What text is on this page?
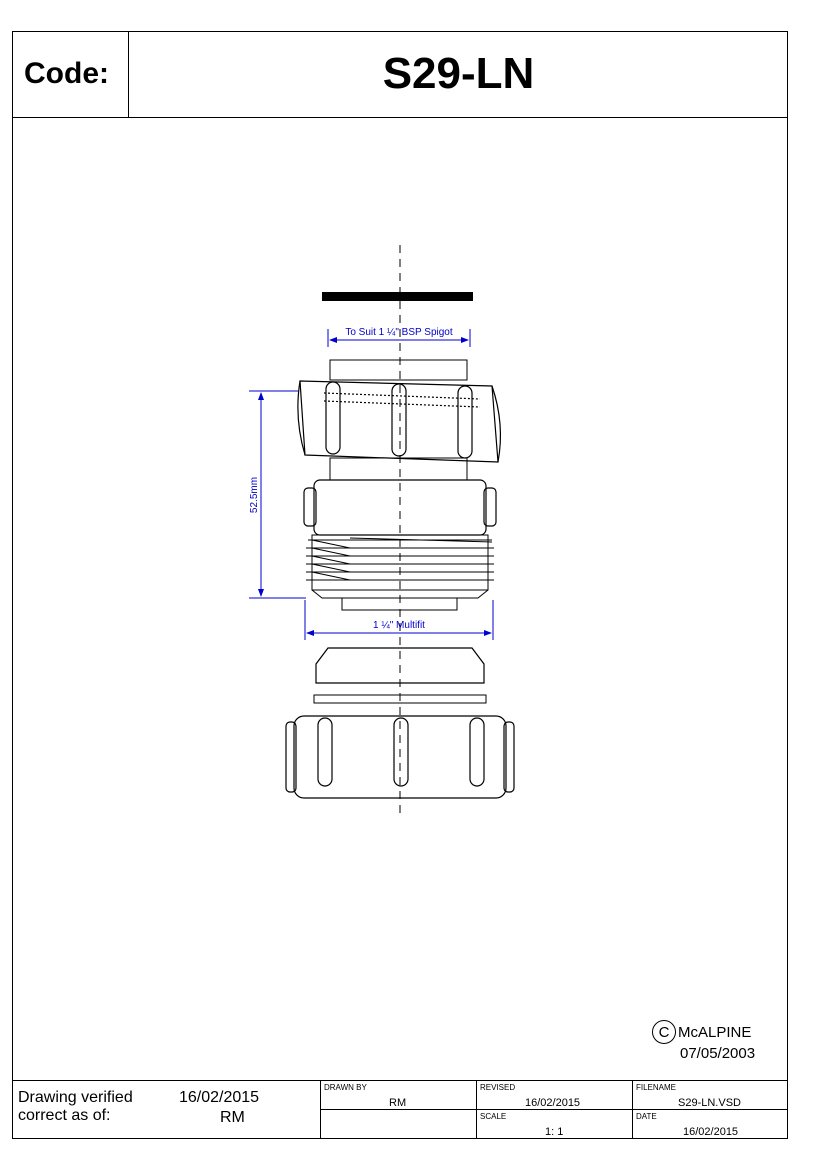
Code:	S29-LN
To Suit 1 ¼" BSP Spigot
52.5mm
1 ¼" Multifit
C McALPINE
07/05/2003
Drawing verified
correct as of:
16/02/2015
RM
DRAWN BY
RM
REVISED
16/02/2015
SCALE
1: 1
FILENAME
S29-LN.VSD
DATE
16/02/2015
